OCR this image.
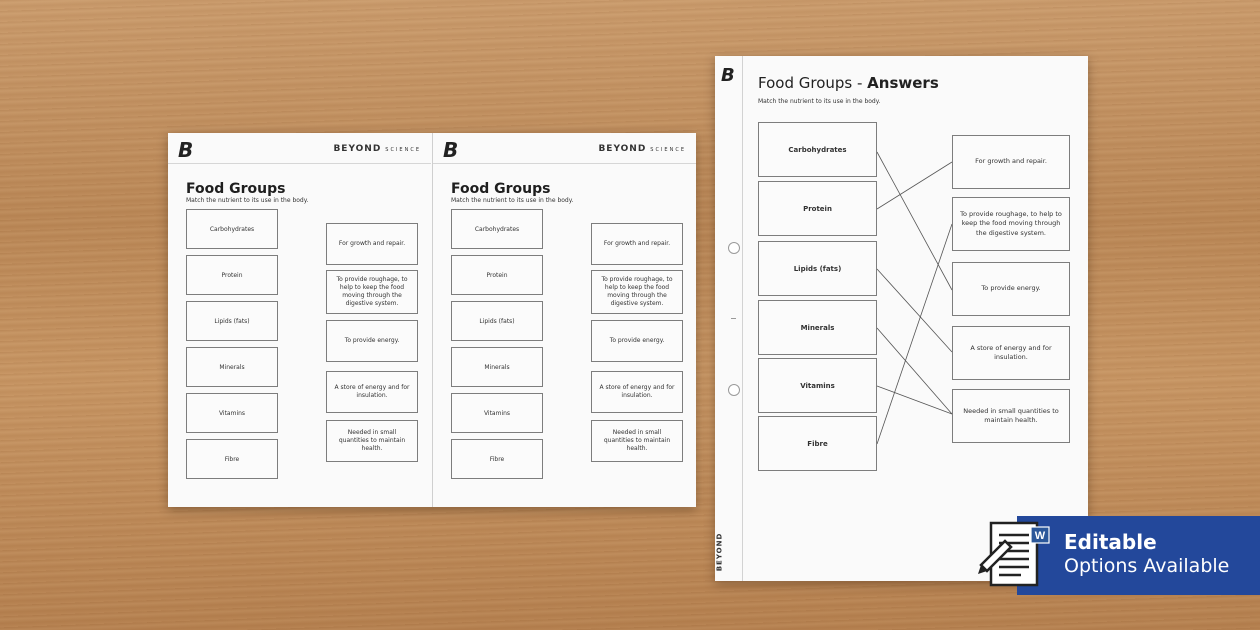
B	BEYOND SCIENCE
Food Groups
Match the nutrient to its use in the body.
Carbohydrates
Protein
Lipids (fats)
Minerals
Vitamins
Fibre
For growth and repair.
To provide roughage, to help to keep the food moving through the digestive system.
To provide energy.
A store of energy and for insulation.
Needed in small quantities to maintain health.
B	BEYOND SCIENCE
Food Groups
Match the nutrient to its use in the body.
Carbohydrates
Protein
Lipids (fats)
Minerals
Vitamins
Fibre
For growth and repair.
To provide roughage, to help to keep the food moving through the digestive system.
To provide energy.
A store of energy and for insulation.
Needed in small quantities to maintain health.
B
BEYOND
Food Groups - Answers
Match the nutrient to its use in the body.
Carbohydrates
Protein
Lipids (fats)
Minerals
Vitamins
Fibre
For growth and repair.
To provide roughage, to help to keep the food moving through the digestive system.
To provide energy.
A store of energy and for insulation.
Needed in small quantities to maintain health.
Editable
Options Available
W
